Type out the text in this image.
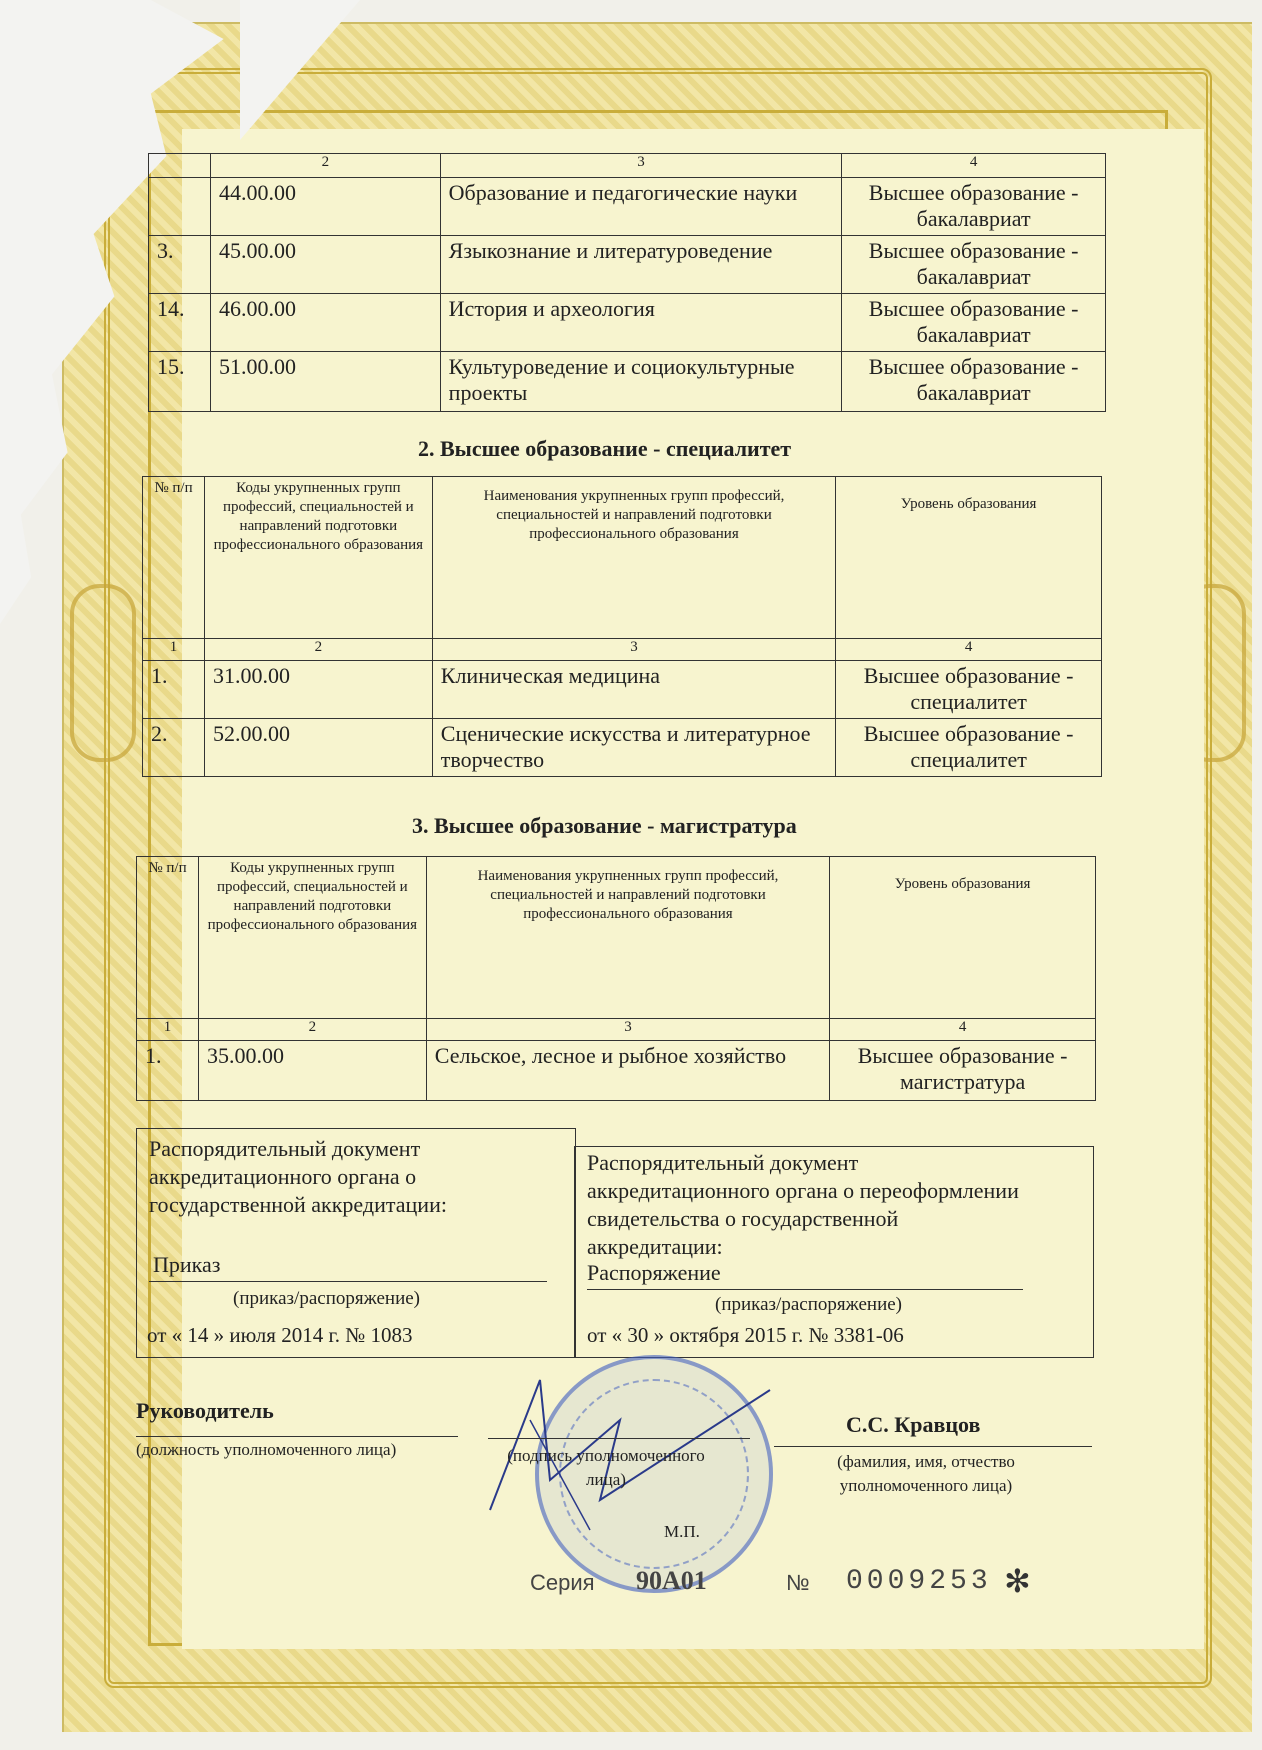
	2	3	4
	44.00.00	Образование и педагогические науки	Высшее образование - бакалавриат
3.	45.00.00	Языкознание и литературоведение	Высшее образование - бакалавриат
14.	46.00.00	История и археология	Высшее образование - бакалавриат
15.	51.00.00	Культуроведение и социокультурные проекты	Высшее образование - бакалавриат
2. Высшее образование - специалитет
№ п/п	Коды укрупненных групп профессий, специальностей и направлений подготовки профессионального образования	Наименования укрупненных групп профессий, специальностей и направлений подготовки профессионального образования	Уровень образования
1	2	3	4
1.	31.00.00	Клиническая медицина	Высшее образование - специалитет
2.	52.00.00	Сценические искусства и литературное творчество	Высшее образование - специалитет
3. Высшее образование - магистратура
№ п/п	Коды укрупненных групп профессий, специальностей и направлений подготовки профессионального образования	Наименования укрупненных групп профессий, специальностей и направлений подготовки профессионального образования	Уровень образования
1	2	3	4
1.	35.00.00	Сельское, лесное и рыбное хозяйство	Высшее образование - магистратура
Распорядительный документ аккредитационного органа о государственной аккредитации:
Приказ
(приказ/распоряжение)
от « 14 » июля 2014 г. № 1083
Распорядительный документ аккредитационного органа о переоформлении свидетельства о государственной аккредитации:
Распоряжение
(приказ/распоряжение)
от « 30 » октября 2015 г. № 3381-06
Руководитель
(должность уполномоченного лица)	(подпись уполномоченного лица)
С.С. Кравцов
(фамилия, имя, отчество уполномоченного лица)
М.П.
Серия 90А01	№ 0009253 ✻
